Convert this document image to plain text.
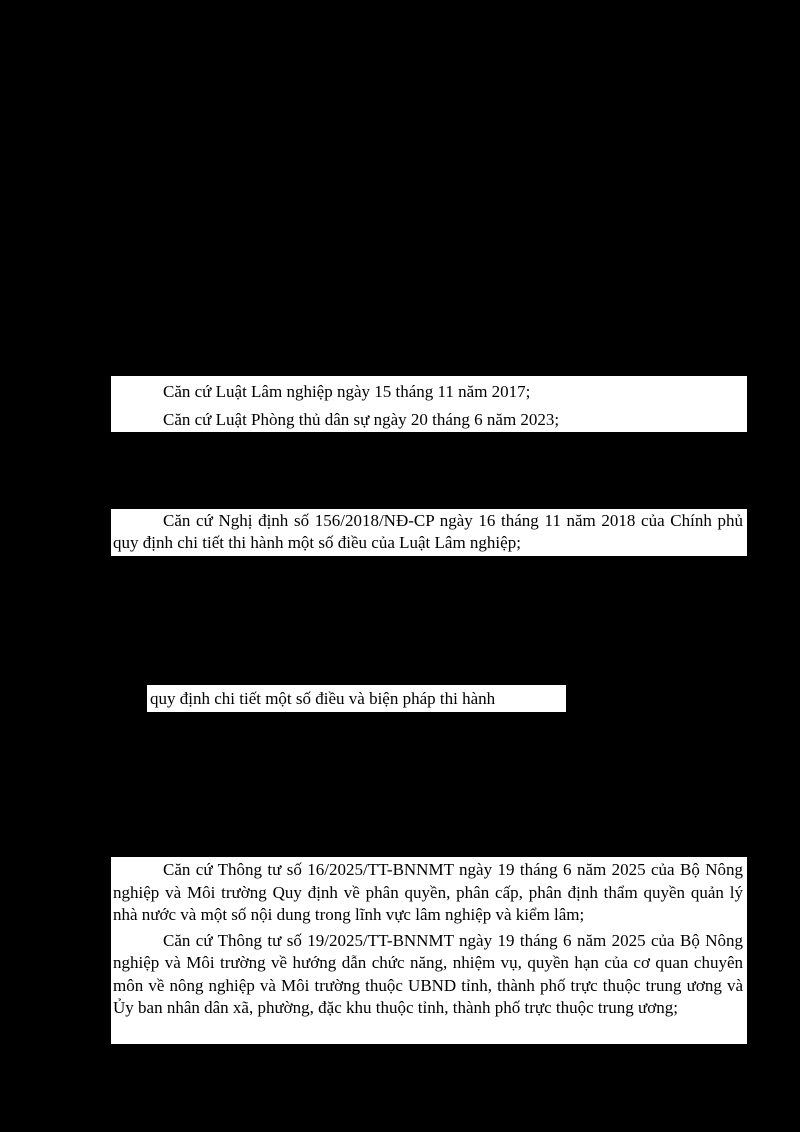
Căn cứ Luật Lâm nghiệp ngày 15 tháng 11 năm 2017;

Căn cứ Luật Phòng thủ dân sự ngày 20 tháng 6 năm 2023;

Căn cứ Nghị định số 156/2018/NĐ-CP ngày 16 tháng 11 năm 2018 của Chính phủ quy định chi tiết thi hành một số điều của Luật Lâm nghiệp;

quy định chi tiết một số điều và biện pháp thi hành

Căn cứ Thông tư số 16/2025/TT-BNNMT ngày 19 tháng 6 năm 2025 của Bộ Nông nghiệp và Môi trường Quy định về phân quyền, phân cấp, phân định thẩm quyền quản lý nhà nước và một số nội dung trong lĩnh vực lâm nghiệp và kiểm lâm;

Căn cứ Thông tư số 19/2025/TT-BNNMT ngày 19 tháng 6 năm 2025 của Bộ Nông nghiệp và Môi trường về hướng dẫn chức năng, nhiệm vụ, quyền hạn của cơ quan chuyên môn về nông nghiệp và Môi trường thuộc UBND tỉnh, thành phố trực thuộc trung ương và Ủy ban nhân dân xã, phường, đặc khu thuộc tỉnh, thành phố trực thuộc trung ương;
